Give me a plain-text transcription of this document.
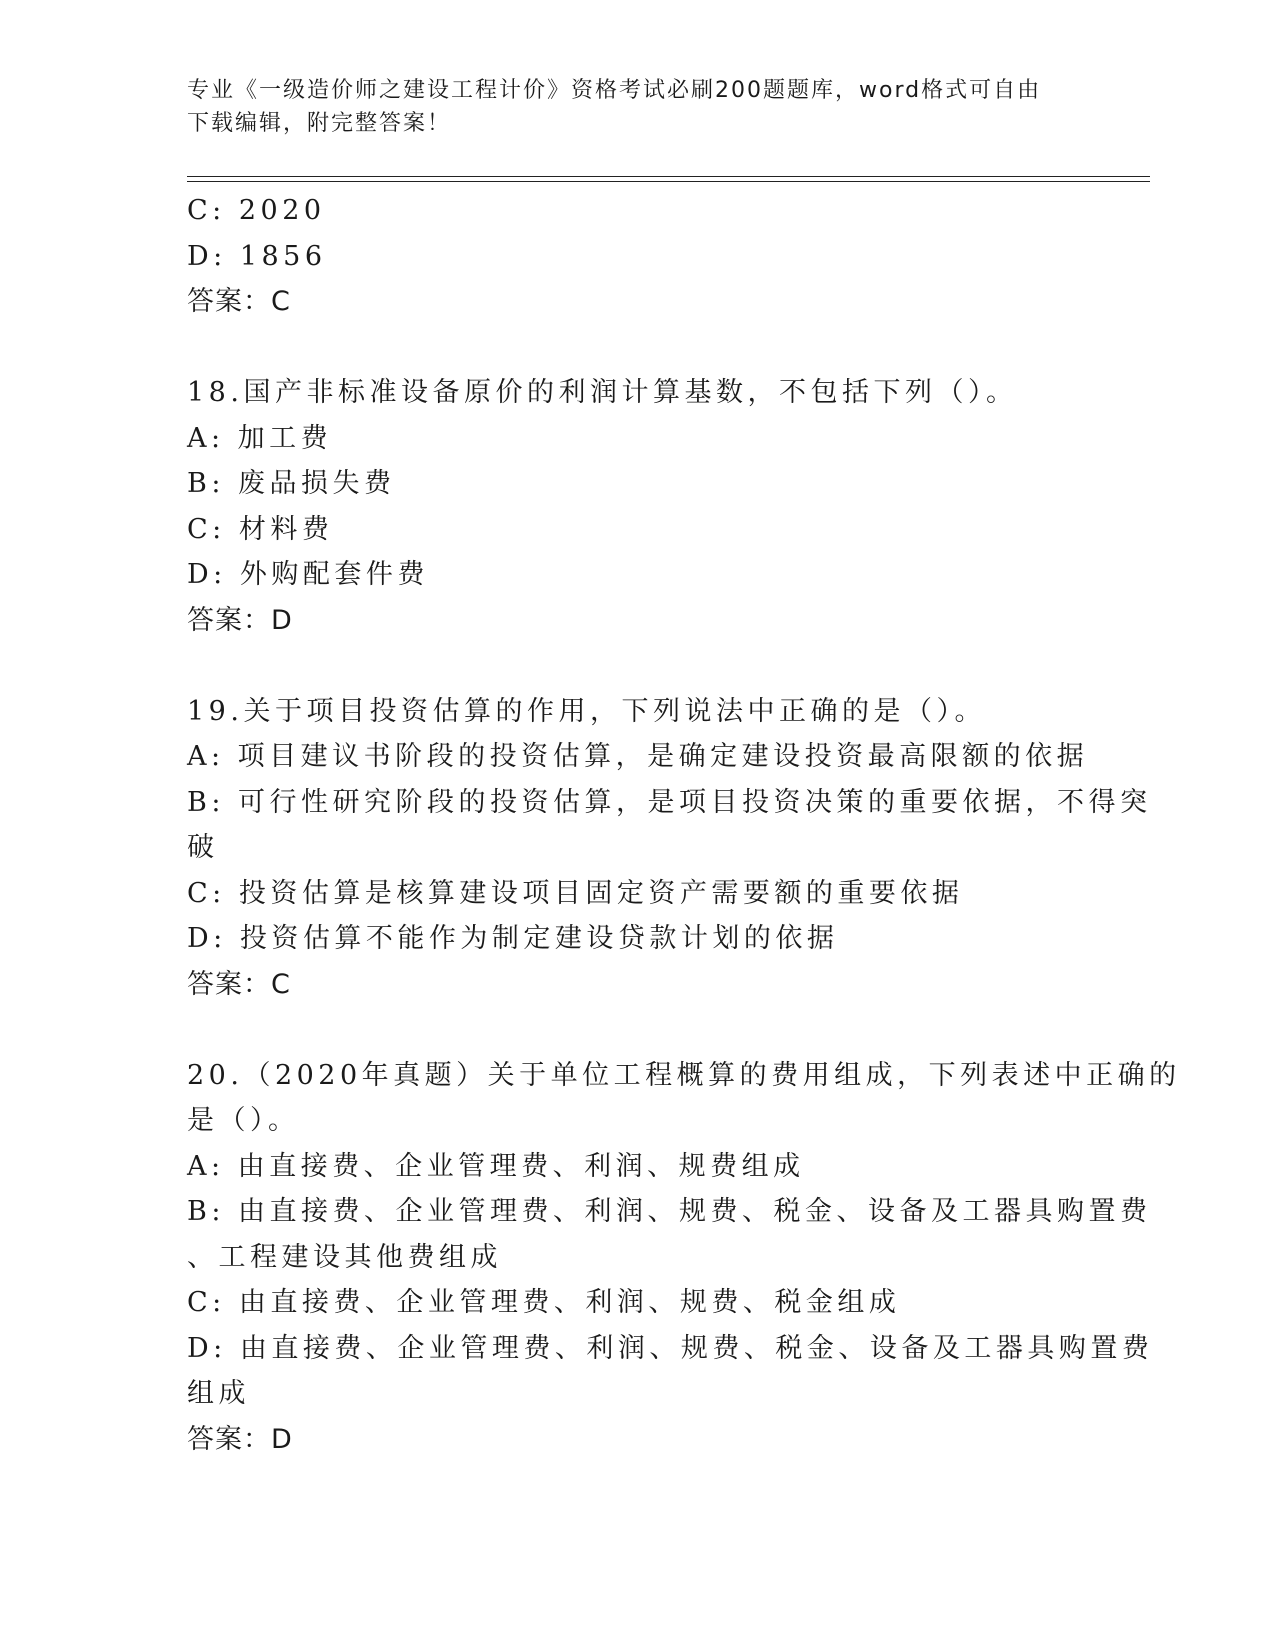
专业《一级造价师之建设工程计价》资格考试必刷200题题库，word格式可自由
下载编辑，附完整答案！
C: 2020
D: 1856
答案：C
18.国产非标准设备原价的利润计算基数，不包括下列（）。
A: 加工费
B: 废品损失费
C: 材料费
D: 外购配套件费
答案：D
19.关于项目投资估算的作用，下列说法中正确的是（）。
A: 项目建议书阶段的投资估算，是确定建设投资最高限额的依据
B: 可行性研究阶段的投资估算，是项目投资决策的重要依据，不得突
破
C: 投资估算是核算建设项目固定资产需要额的重要依据
D: 投资估算不能作为制定建设贷款计划的依据
答案：C
20.（2020年真题）关于单位工程概算的费用组成，下列表述中正确的
是（）。
A: 由直接费、企业管理费、利润、规费组成
B: 由直接费、企业管理费、利润、规费、税金、设备及工器具购置费
、工程建设其他费组成
C: 由直接费、企业管理费、利润、规费、税金组成
D: 由直接费、企业管理费、利润、规费、税金、设备及工器具购置费
组成
答案：D
